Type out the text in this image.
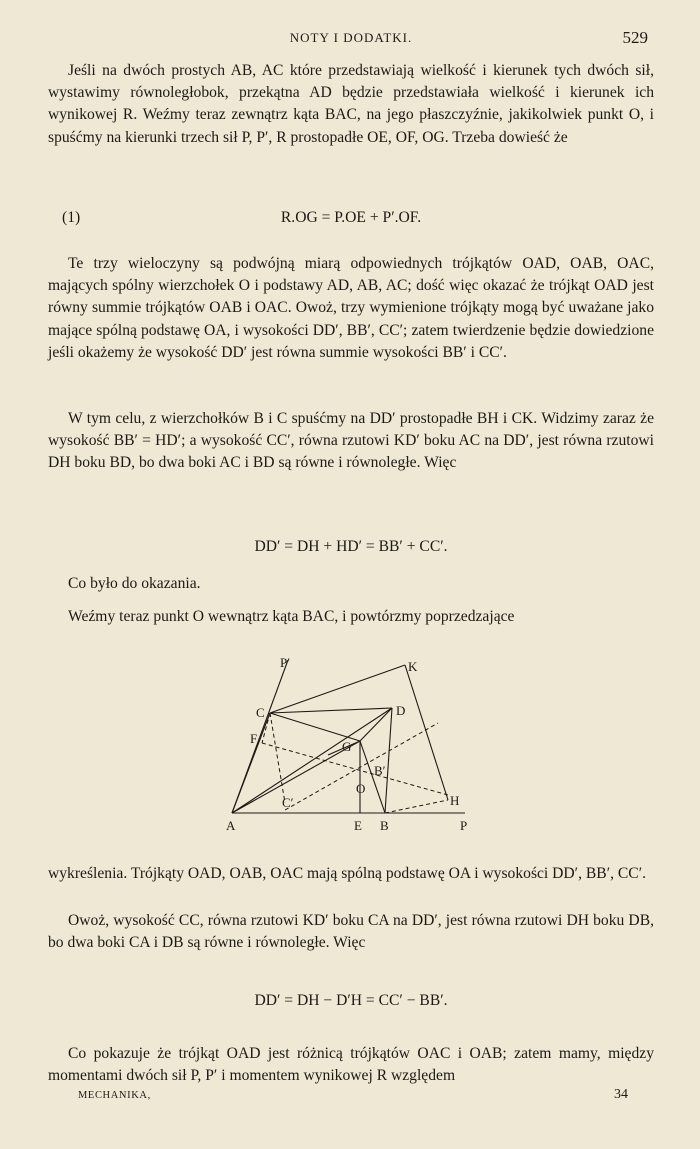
NOTY I DODATKI.	529

Jeśli na dwóch prostych AB, AC które przedstawiają wielkość i kierunek tych dwóch sił, wystawimy równoległobok, przekątna AD będzie przedstawiała wielkość i kierunek ich wynikowej R. Weźmy teraz zewnątrz kąta BAC, na jego płaszczyźnie, jakikolwiek punkt O, i spuśćmy na kierunki trzech sił P, P′, R prostopadłe OE, OF, OG. Trzeba dowieść że

(1)	R.OG = P.OE + P′.OF.

Te trzy wieloczyny są podwójną miarą odpowiednych trójkątów OAD, OAB, OAC, mających spólny wierzchołek O i podstawy AD, AB, AC; dość więc okazać że trójkąt OAD jest równy summie trójkątów OAB i OAC. Owoż, trzy wymienione trójkąty mogą być uważane jako mające spólną podstawę OA, i wysokości DD′, BB′, CC′; zatem twierdzenie będzie dowiedzione jeśli okażemy że wysokość DD′ jest równa summie wysokości BB′ i CC′.

W tym celu, z wierzchołków B i C spuśćmy na DD′ prostopadłe BH i CK. Widzimy zaraz że wysokość BB′ = HD′; a wysokość CC′, równa rzutowi KD′ boku AC na DD′, jest równa rzutowi DH boku BD, bo dwa boki AC i BD są równe i równoległe. Więc

DD′ = DH + HD′ = BB′ + CC′.

Co było do okazania.

Weźmy teraz punkt O wewnątrz kąta BAC, i powtórzmy poprzedzające

P′	K
C	D
F
G
B′
O
C′	H
A	E B	P

wykreślenia. Trójkąty OAD, OAB, OAC mają spólną podstawę OA i wysokości DD′, BB′, CC′.

Owoż, wysokość CC, równa rzutowi KD′ boku CA na DD′, jest równa rzutowi DH boku DB, bo dwa boki CA i DB są równe i równoległe. Więc

DD′ = DH − D′H = CC′ − BB′.

Co pokazuje że trójkąt OAD jest różnicą trójkątów OAC i OAB; zatem mamy, między momentami dwóch sił P, P′ i momentem wynikowej R względem

MECHANIKA,	34
